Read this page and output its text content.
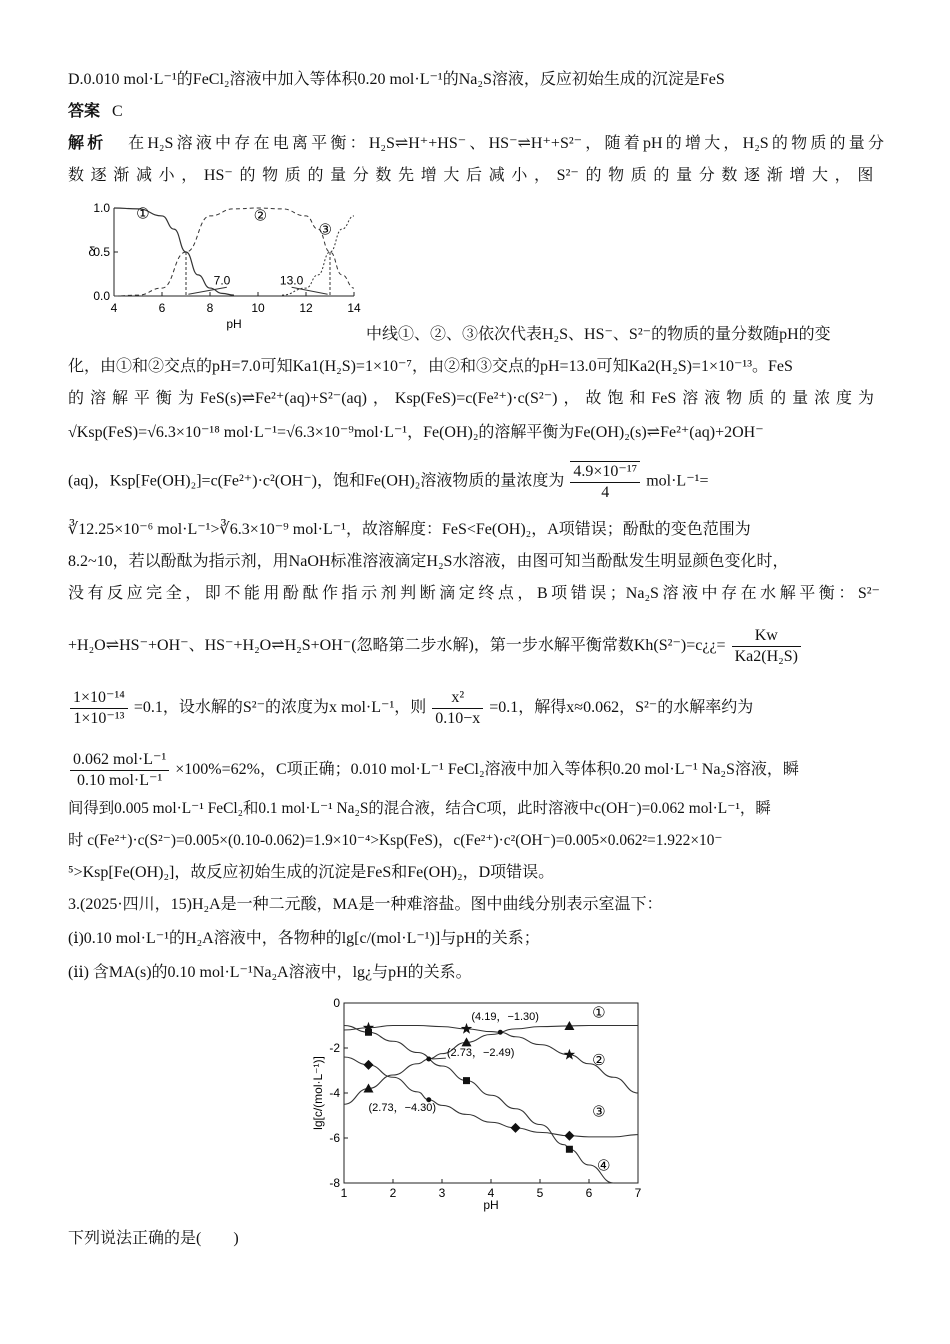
D.0.010 mol·L⁻¹的FeCl₂溶液中加入等体积0.20 mol·L⁻¹的Na₂S溶液，反应初始生成的沉淀是FeS
答案 C
解析 在H₂S溶液中存在电离平衡：H₂S⇌H⁺+HS⁻、HS⁻⇌H⁺+S²⁻，随着pH的增大，H₂S的物质的量分
数逐渐减小，HS⁻的物质的量分数先增大后减小，S²⁻的物质的量分数逐渐增大，图
4	6	8	10	12	14
1.0
0.5
0.0
δ
pH
①	②
③
7.0	13.0
中线①、②、③依次代表H₂S、HS⁻、S²⁻的物质的量分数随pH的变
化，由①和②交点的pH=7.0可知Ka1(H₂S)=1×10⁻⁷，由②和③交点的pH=13.0可知Ka2(H₂S)=1×10⁻¹³。FeS
的溶解平衡为FeS(s)⇌Fe²⁺(aq)+S²⁻(aq)，Ksp(FeS)=c(Fe²⁺)·c(S²⁻)，故饱和FeS溶液物质的量浓度为
√Ksp(FeS)=√6.3×10⁻¹⁸ mol·L⁻¹=√6.3×10⁻⁹mol·L⁻¹，Fe(OH)₂的溶解平衡为Fe(OH)₂(s)⇌Fe²⁺(aq)+2OH⁻
(aq)，Ksp[Fe(OH)₂]=c(Fe²⁺)·c²(OH⁻)，饱和Fe(OH)₂溶液物质的量浓度为 $\frac{\text{4.9×10⁻¹⁷}}{4} mol\cdot L^{-1}=$
∛12.25×10⁻⁶ mol·L⁻¹>∛6.3×10⁻⁹ mol·L⁻¹，故溶解度：FeS<Fe(OH)₂，A项错误；酚酞的变色范围为
8.2~10，若以酚酞为指示剂，用NaOH标准溶液滴定H₂S水溶液，由图可知当酚酞发生明显颜色变化时，
没有反应完全，即不能用酚酞作指示剂判断滴定终点，B项错误；Na₂S溶液中存在水解平衡：S²⁻
+H₂O⇌HS⁻+OH⁻、HS⁻+H₂O⇌H₂S+OH⁻(忽略第二步水解)，第一步水解平衡常数Kh(S²⁻)=c¿¿= $\frac{Kw}{\text{Ka2(H₂S)}}$
$\frac{\text{1×10⁻¹⁴}}{\text{1×10⁻¹³}} =0.1$，设水解的S²⁻的浓度为x mol·L⁻¹，则 $\frac{\text{x²}}{0.10-x} =0.1$，解得x≈0.062，S²⁻的水解率约为
$\frac{\text{0.062 mol·L⁻¹}}{\text{0.10 mol·L⁻¹}} \times 100\%=62\%$，C项正确；0.010 mol·L⁻¹ FeCl₂溶液中加入等体积0.20 mol·L⁻¹ Na₂S溶液，瞬
间得到0.005 mol·L⁻¹ FeCl₂和0.1 mol·L⁻¹ Na₂S的混合液，结合C项，此时溶液中c(OH⁻)=0.062 mol·L⁻¹，瞬
时 c(Fe²⁺)·c(S²⁻)=0.005×(0.10-0.062)=1.9×10⁻⁴>Ksp(FeS)，c(Fe²⁺)·c²(OH⁻)=0.005×0.062²=1.922×10⁻
⁵>Ksp[Fe(OH)₂]，故反应初始生成的沉淀是FeS和Fe(OH)₂，D项错误。
3.(2025·四川，15)H₂A是一种二元酸，MA是一种难溶盐。图中曲线分别表示室温下：
(ⅰ)0.10 mol·L⁻¹的H₂A溶液中，各物种的lg[c/(mol·L⁻¹)]与pH的关系；
(ⅱ) 含MA(s)的0.10 mol·L⁻¹Na₂A溶液中，lg¿与pH的关系。
1	2	3	4	5	6	7
0
-2
-4
-6
-8
pH
lg[c/(mol·L⁻¹)]
(4.19，−1.30)
(2.73，−2.49)
(2.73，−4.30)
①
②
③
④
下列说法正确的是(　　)
